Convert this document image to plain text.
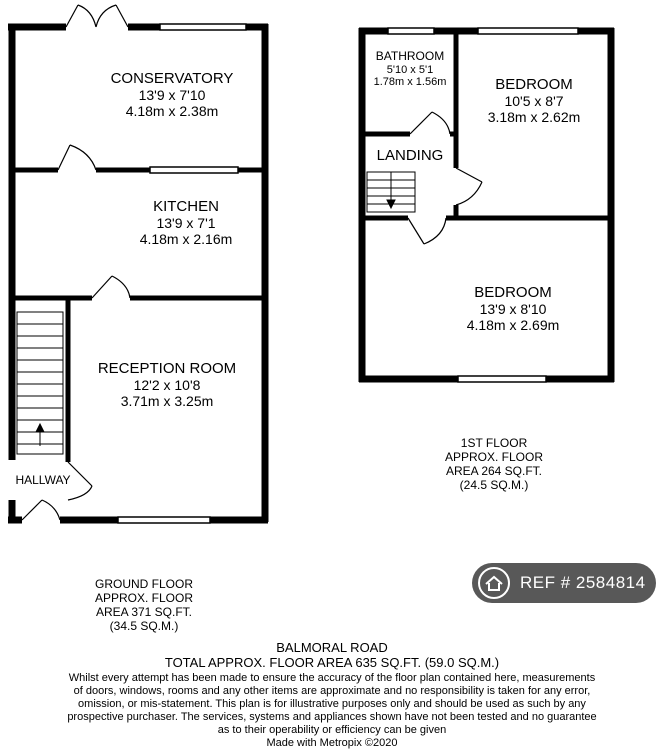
CONSERVATORY
13'9 x 7'10
4.18m x 2.38m
KITCHEN
13'9 x 7'1
4.18m x 2.16m
RECEPTION ROOM
12'2 x 10'8
3.71m x 3.25m
HALLWAY
BATHROOM
5'10 x 5'1
1.78m x 1.56m	BEDROOM
10'5 x 8'7
3.18m x 2.62m
LANDING
BEDROOM
13'9 x 8'10
4.18m x 2.69m
1ST FLOOR
APPROX. FLOOR
AREA 264 SQ.FT.
(24.5 SQ.M.)
GROUND FLOOR
APPROX. FLOOR
AREA 371 SQ.FT.
(34.5 SQ.M.)
REF # 2584814
BALMORAL ROAD
TOTAL APPROX. FLOOR AREA 635 SQ.FT. (59.0 SQ.M.)
Whilst every attempt has been made to ensure the accuracy of the floor plan contained here, measurements
of doors, windows, rooms and any other items are approximate and no responsibility is taken for any error,
omission, or mis-statement. This plan is for illustrative purposes only and should be used as such by any
prospective purchaser. The services, systems and appliances shown have not been tested and no guarantee
as to their operability or efficiency can be given
Made with Metropix ©2020
